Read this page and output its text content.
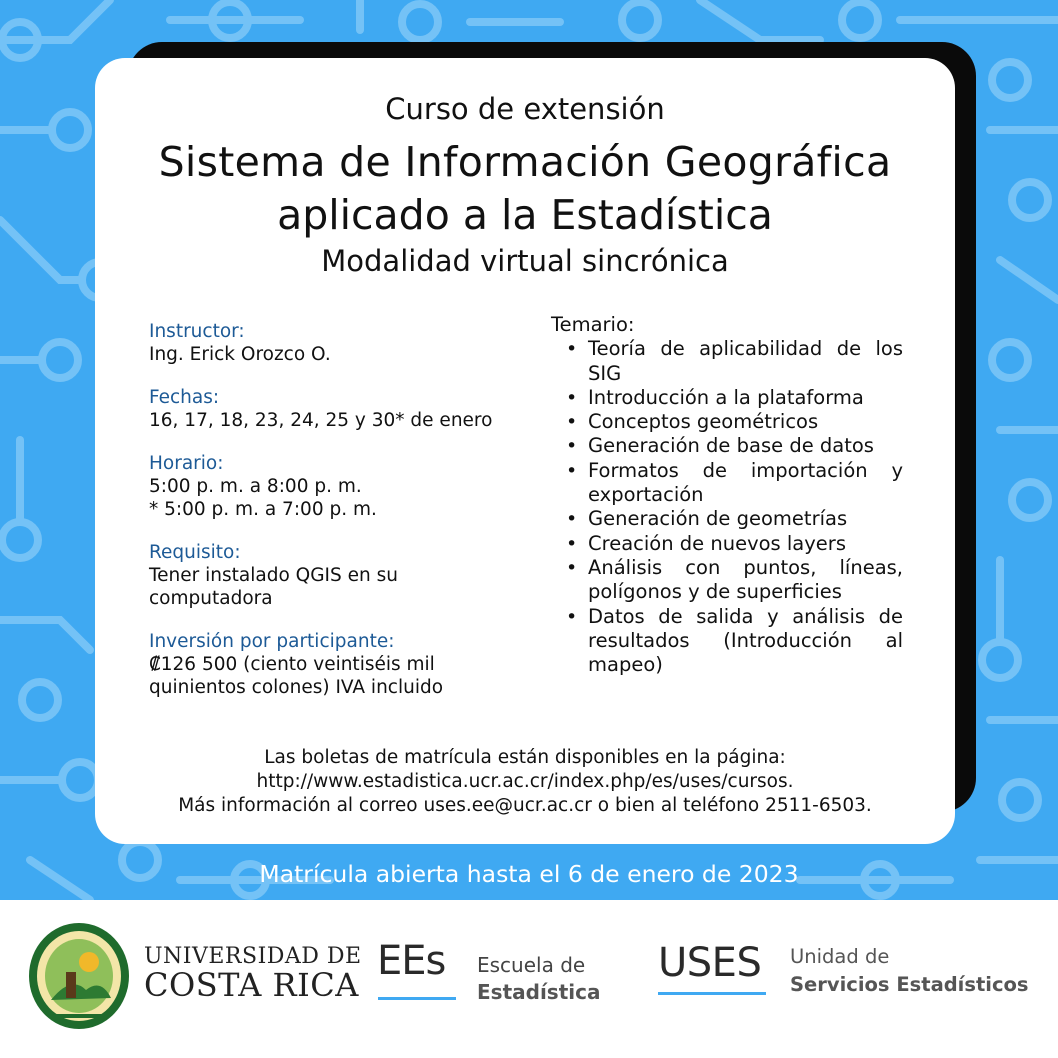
Curso de extensión
Sistema de Información Geográfica
aplicado a la Estadística
Modalidad virtual sincrónica
Instructor:
Ing. Erick Orozco O.
Fechas:
16, 17, 18, 23, 24, 25 y 30* de enero
Horario:
5:00 p. m. a 8:00 p. m.
* 5:00 p. m. a 7:00 p. m.
Requisito:
Tener instalado QGIS en su
computadora
Inversión por participante:
₡126 500 (ciento veintiséis mil
quinientos colones) IVA incluido
Temario:
• Teoría de aplicabilidad de los SIG
• Introducción a la plataforma
• Conceptos geométricos
• Generación de base de datos
• Formatos de importación y exportación
• Generación de geometrías
• Creación de nuevos layers
• Análisis con puntos, líneas, polígonos y de superficies
• Datos de salida y análisis de resultados (Introducción al mapeo)
Las boletas de matrícula están disponibles en la página:
http://www.estadistica.ucr.ac.cr/index.php/es/uses/cursos.
Más información al correo uses.ee@ucr.ac.cr o bien al teléfono 2511-6503.
Matrícula abierta hasta el 6 de enero de 2023
UNIVERSIDAD DE
COSTA RICA
EEs Escuela de
Estadística
USES Unidad de
Servicios Estadísticos
